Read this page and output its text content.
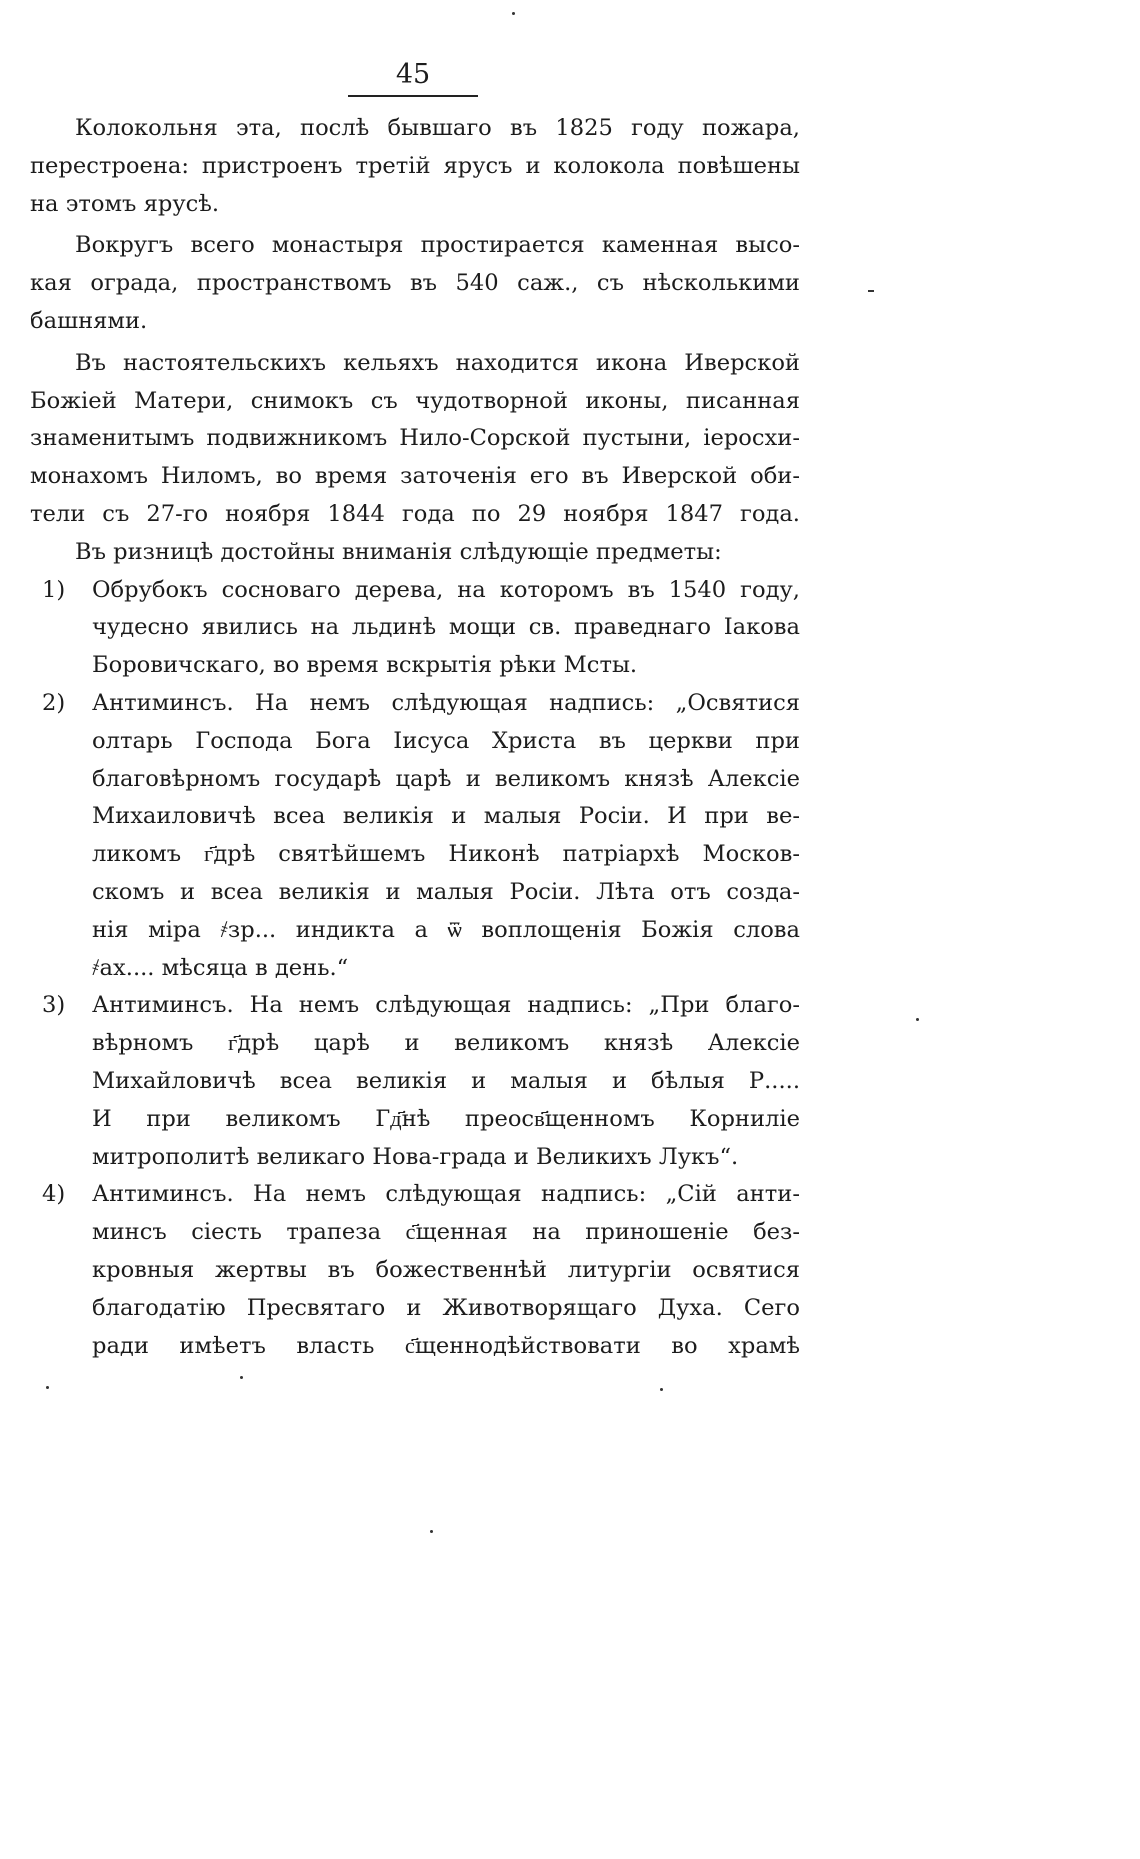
45
Колокольня эта, послѣ бывшаго въ 1825 году пожара,
перестроена: пристроенъ третій ярусъ и колокола повѣшены
на этомъ ярусѣ.
Вокругъ всего монастыря простирается каменная высо-
кая ограда, пространствомъ въ 540 саж., съ нѣсколькими
башнями.
Въ настоятельскихъ кельяхъ находится икона Иверской
Божіей Матери, снимокъ съ чудотворной иконы, писанная
знаменитымъ подвижникомъ Нило-Сорской пустыни, іеросхи-
монахомъ Ниломъ, во время заточенія его въ Иверской оби-
тели съ 27-го ноября 1844 года по 29 ноября 1847 года.
Въ ризницѣ достойны вниманія слѣдующіе предметы:
1)	Обрубокъ сосноваго дерева, на которомъ въ 1540 году,
чудесно явились на льдинѣ мощи св. праведнаго Іакова
Боровичскаго, во время вскрытія рѣки Мсты.
2)	Антиминсъ. На немъ слѣдующая надпись: „Освятися
олтарь Господа Бога Іисуса Христа въ церкви при
благовѣрномъ государѣ царѣ и великомъ князѣ Алексіе
Михаиловичѣ всеа великія и малыя Росіи. И при ве-
ликомъ г҃дрѣ святѣйшемъ Никонѣ патріархѣ Москов-
скомъ и всеа великія и малыя Росіи. Лѣта отъ созда-
нія міра ҂зр... индикта а ѿ воплощенія Божія слова
҂ах.... мѣсяца в день.“
3)	Антиминсъ. На немъ слѣдующая надпись: „При благо-
вѣрномъ г҃дрѣ царѣ и великомъ князѣ Алексіе
Михайловичѣ всеа великія и малыя и бѣлыя Р.....
И при великомъ Гд҃нѣ преосв҃щенномъ Корниліе
митрополитѣ великаго Нова-града и Великихъ Лукъ“.
4)	Антиминсъ. На немъ слѣдующая надпись: „Сій анти-
минсъ сіесть трапеза с҃щенная на приношеніе без-
кровныя жертвы въ божественнѣй литургіи освятися
благодатію Пресвятаго и Животворящаго Духа. Сего
ради имѣетъ власть с҃щеннодѣйствовати во храмѣ
